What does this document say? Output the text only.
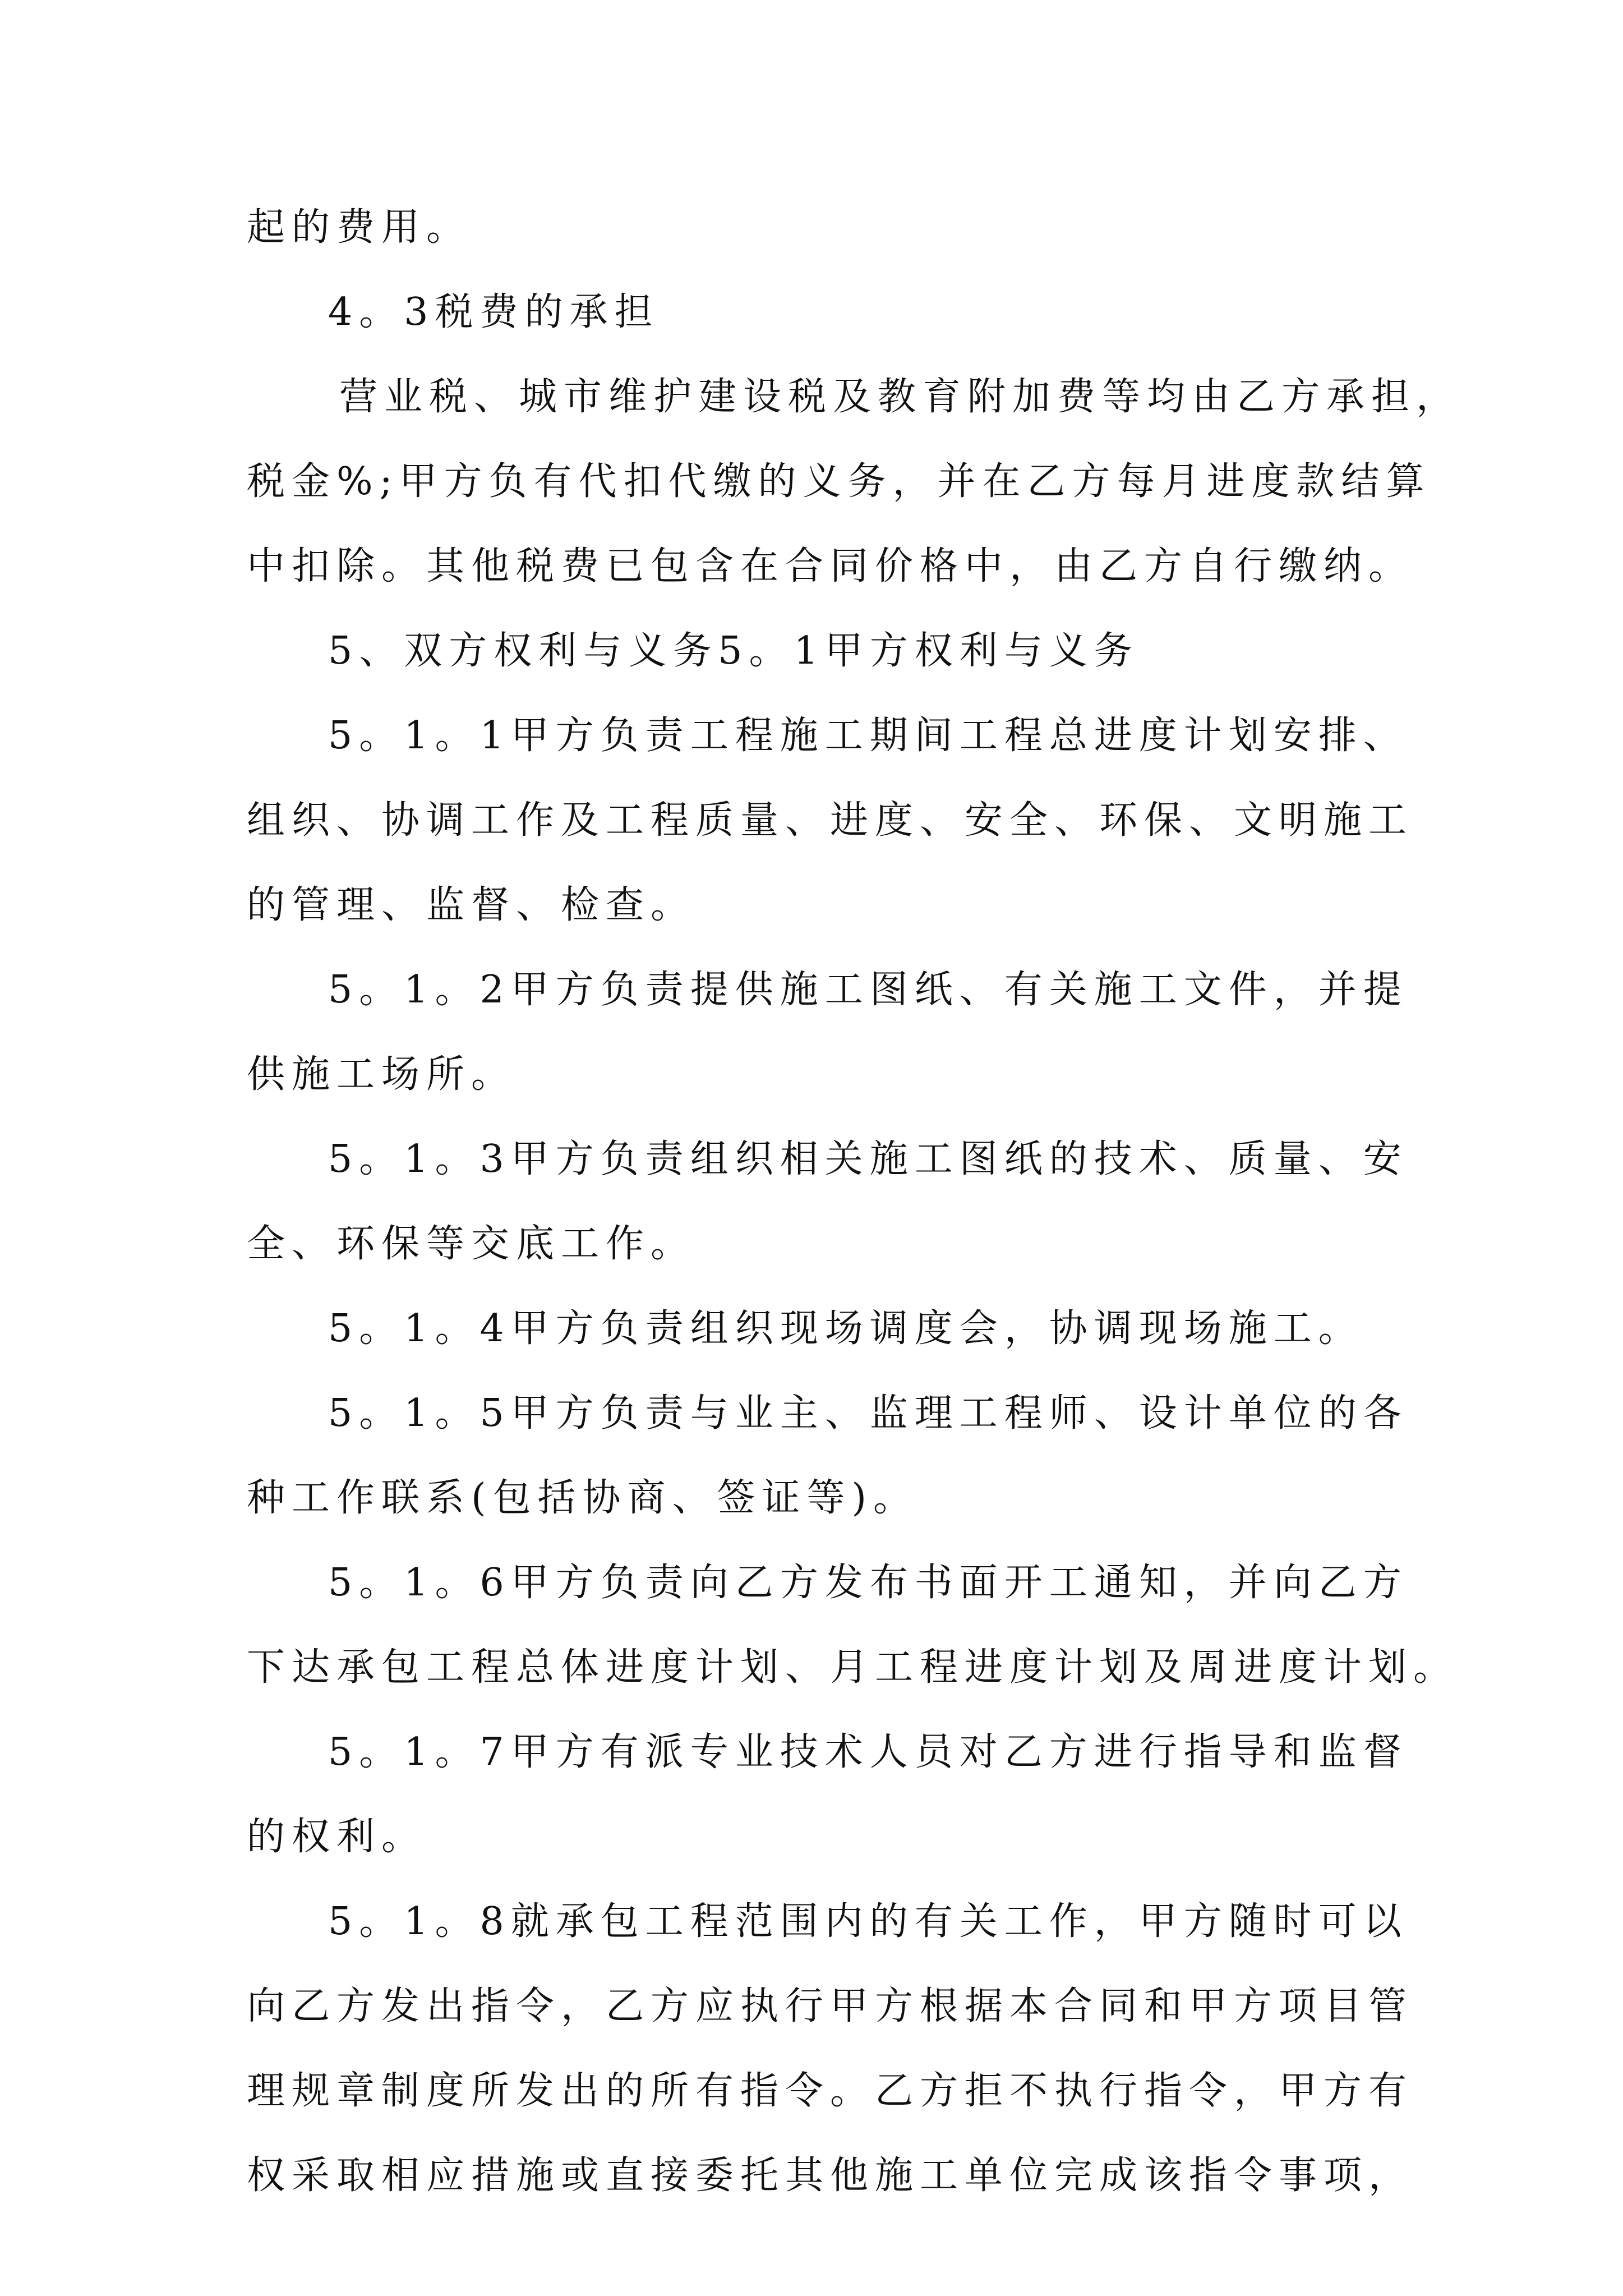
起的费用。
4。3税费的承担
营业税、城市维护建设税及教育附加费等均由乙方承担，
税金%;甲方负有代扣代缴的义务，并在乙方每月进度款结算
中扣除。其他税费已包含在合同价格中，由乙方自行缴纳。
5、双方权利与义务5。1甲方权利与义务
5。1。1甲方负责工程施工期间工程总进度计划安排、
组织、协调工作及工程质量、进度、安全、环保、文明施工
的管理、监督、检查。
5。1。2甲方负责提供施工图纸、有关施工文件，并提
供施工场所。
5。1。3甲方负责组织相关施工图纸的技术、质量、安
全、环保等交底工作。
5。1。4甲方负责组织现场调度会，协调现场施工。
5。1。5甲方负责与业主、监理工程师、设计单位的各
种工作联系(包括协商、签证等)。
5。1。6甲方负责向乙方发布书面开工通知，并向乙方
下达承包工程总体进度计划、月工程进度计划及周进度计划。
5。1。7甲方有派专业技术人员对乙方进行指导和监督
的权利。
5。1。8就承包工程范围内的有关工作，甲方随时可以
向乙方发出指令，乙方应执行甲方根据本合同和甲方项目管
理规章制度所发出的所有指令。乙方拒不执行指令，甲方有
权采取相应措施或直接委托其他施工单位完成该指令事项，
